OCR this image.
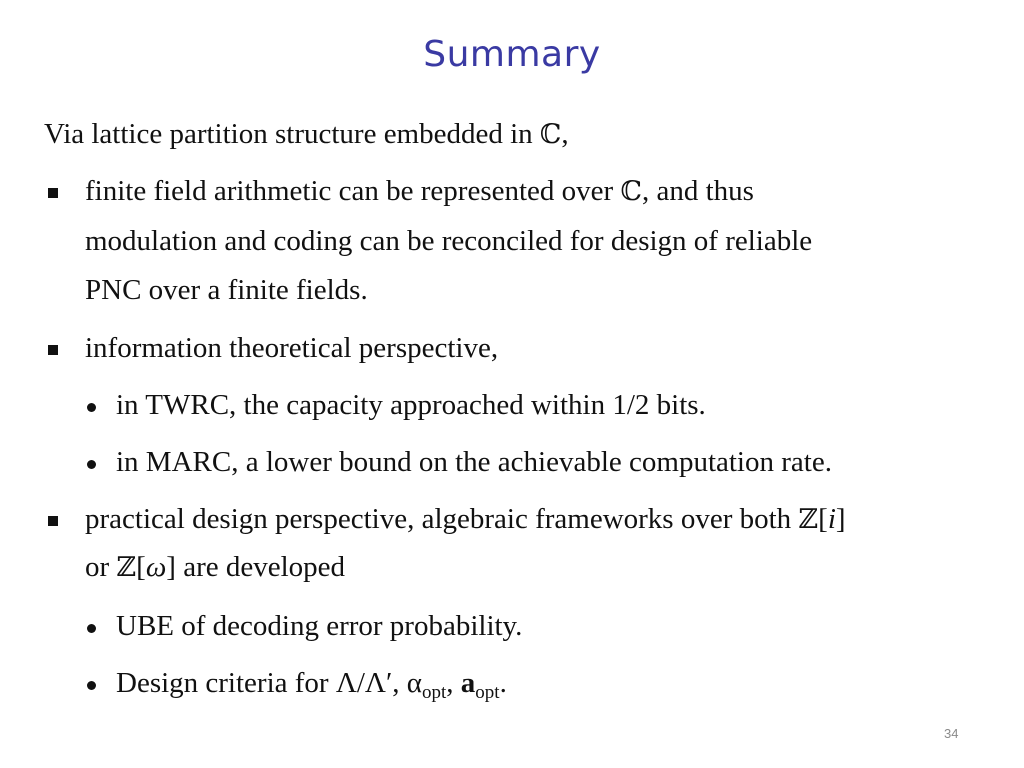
Summary
Via lattice partition structure embedded in ℂ,
finite field arithmetic can be represented over ℂ, and thus
modulation and coding can be reconciled for design of reliable
PNC over a finite fields.
information theoretical perspective,
in TWRC, the capacity approached within 1/2 bits.
in MARC, a lower bound on the achievable computation rate.
practical design perspective, algebraic frameworks over both ℤ[i]
or ℤ[ω] are developed
UBE of decoding error probability.
Design criteria for Λ/Λ′, $\alpha_{opt}$, $a_{opt}$.
34
